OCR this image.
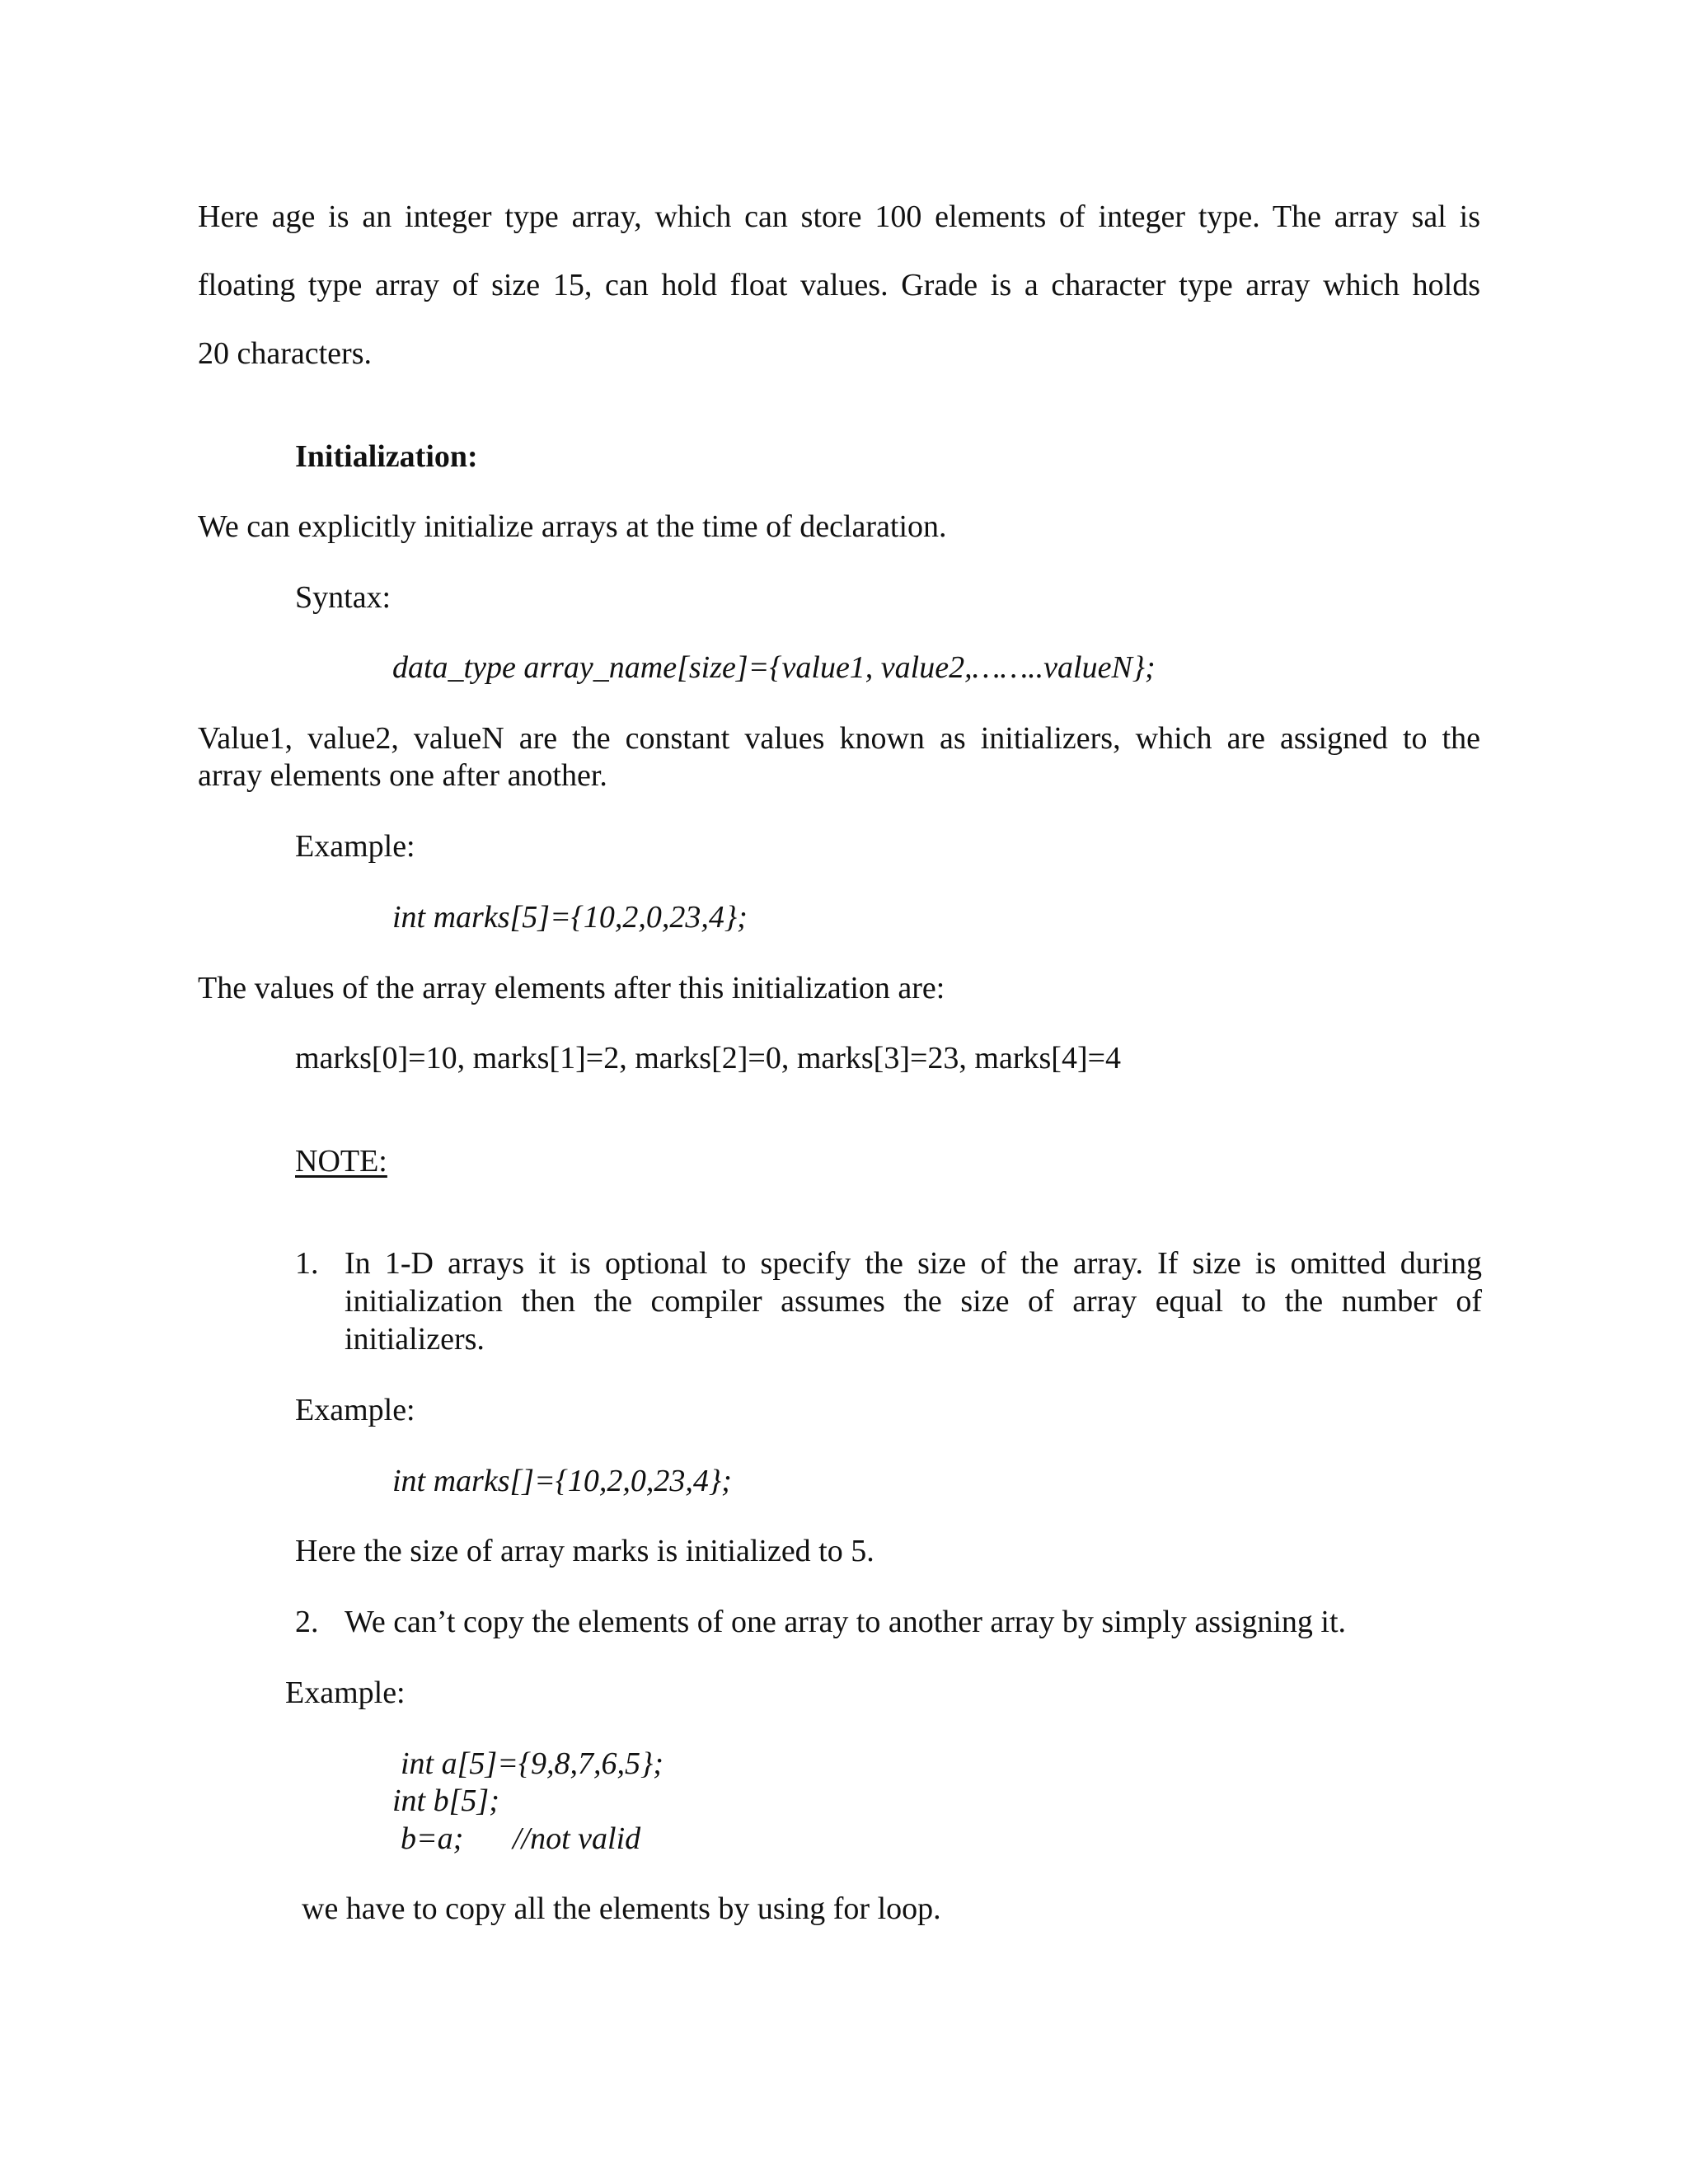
Here age is an integer type array, which can store 100 elements of integer type. The array sal is
floating type array of size 15, can hold float values. Grade is a character type array which holds
20 characters.
Initialization:
We can explicitly initialize arrays at the time of declaration.
Syntax:
data_type array_name[size]={value1, value2,……..valueN};
Value1, value2, valueN are the constant values known as initializers, which are assigned to the
array elements one after another.
Example:
int marks[5]={10,2,0,23,4};
The values of the array elements after this initialization are:
marks[0]=10, marks[1]=2, marks[2]=0, marks[3]=23, marks[4]=4
NOTE:
1. In 1-D arrays it is optional to specify the size of the array. If size is omitted during
initialization then the compiler assumes the size of array equal to the number of
initializers.
Example:
int marks[]={10,2,0,23,4};
Here the size of array marks is initialized to 5.
2. We can’t copy the elements of one array to another array by simply assigning it.
Example:
int a[5]={9,8,7,6,5};
int b[5];
b=a; //not valid
we have to copy all the elements by using for loop.
